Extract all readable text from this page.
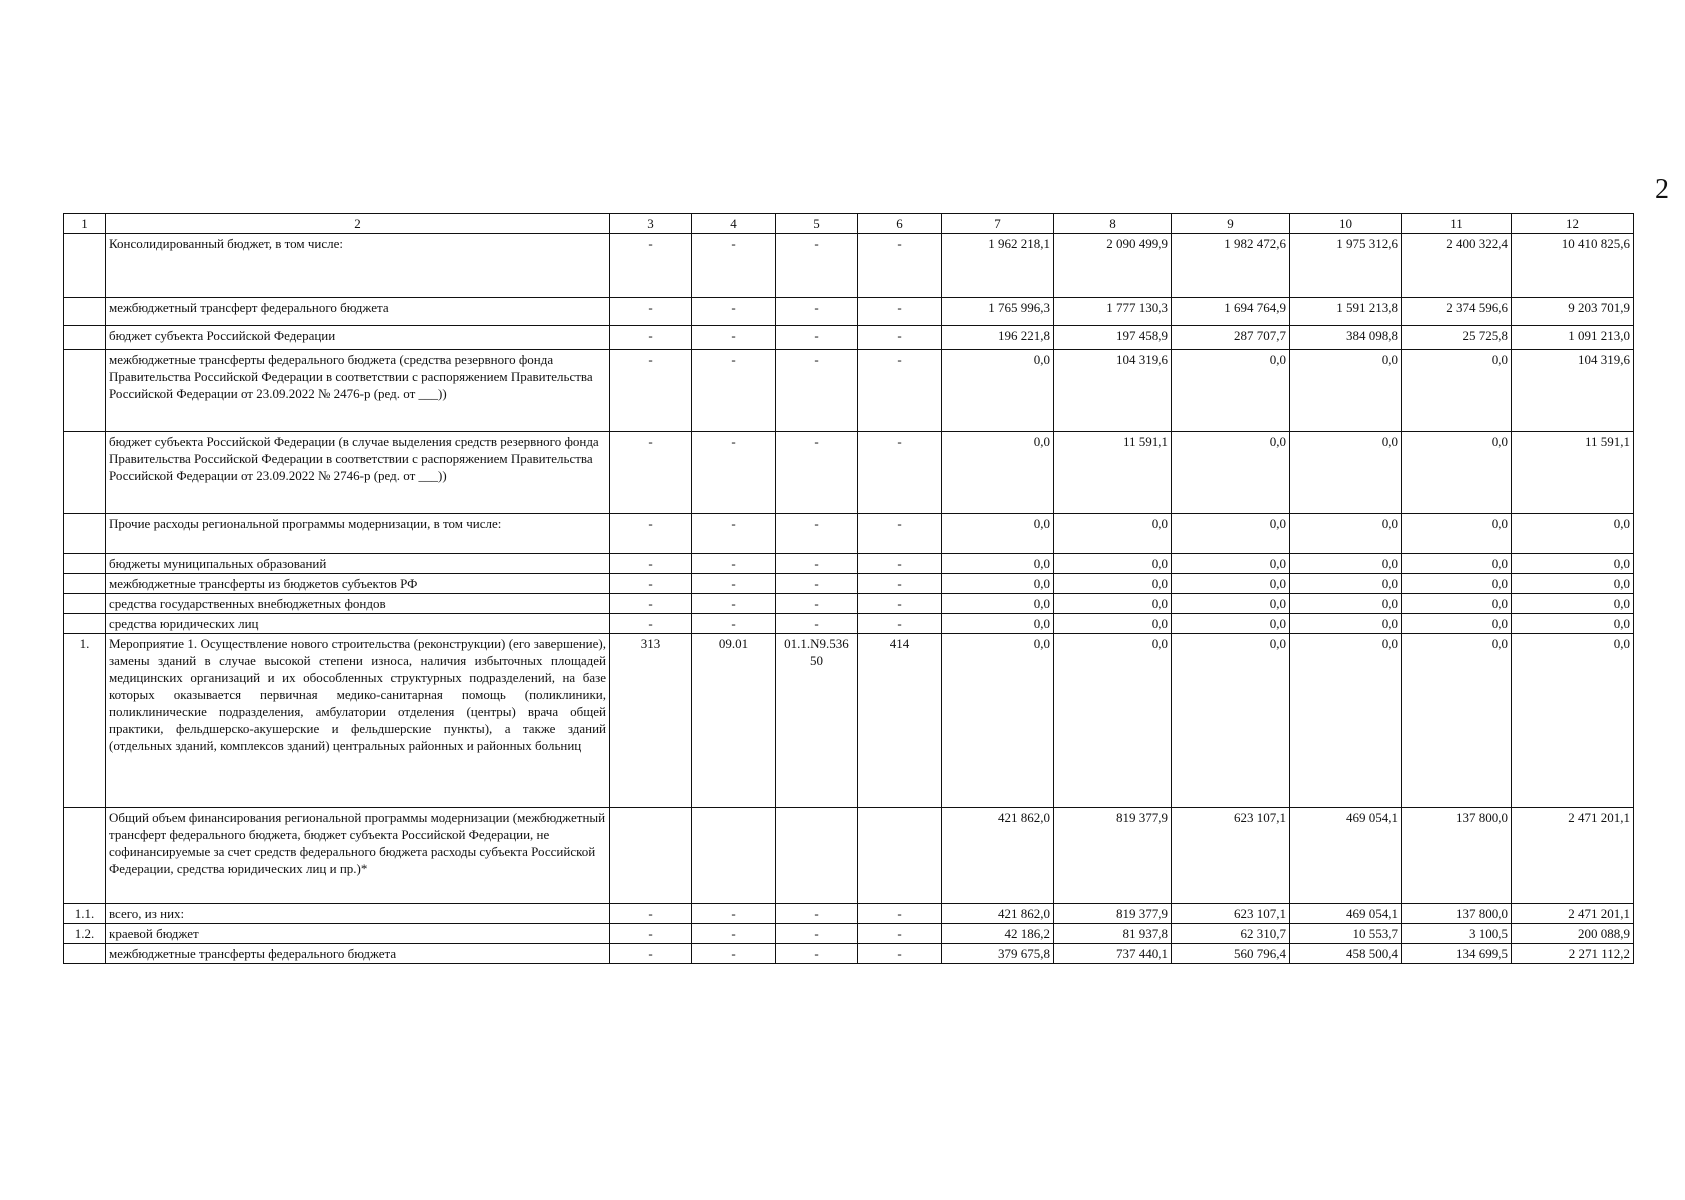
2
1	2	3	4	5	6	7	8	9	10	11	12
	Консолидированный бюджет, в том числе:	-	-	-	-	1 962 218,1	2 090 499,9	1 982 472,6	1 975 312,6	2 400 322,4	10 410 825,6
	межбюджетный трансферт федерального бюджета	-	-	-	-	1 765 996,3	1 777 130,3	1 694 764,9	1 591 213,8	2 374 596,6	9 203 701,9
	бюджет субъекта Российской Федерации	-	-	-	-	196 221,8	197 458,9	287 707,7	384 098,8	25 725,8	1 091 213,0
	межбюджетные трансферты федерального бюджета (средства резервного фонда Правительства Российской Федерации в соответствии с распоряжением Правительства Российской Федерации от 23.09.2022 № 2476-р (ред. от ___))	-	-	-	-	0,0	104 319,6	0,0	0,0	0,0	104 319,6
	бюджет субъекта Российской Федерации (в случае выделения средств резервного фонда Правительства Российской Федерации в соответствии с распоряжением Правительства Российской Федерации от 23.09.2022 № 2746-р (ред. от ___))	-	-	-	-	0,0	11 591,1	0,0	0,0	0,0	11 591,1
	Прочие расходы региональной программы модернизации, в том числе:	-	-	-	-	0,0	0,0	0,0	0,0	0,0	0,0
	бюджеты муниципальных образований	-	-	-	-	0,0	0,0	0,0	0,0	0,0	0,0
	межбюджетные трансферты из бюджетов субъектов РФ	-	-	-	-	0,0	0,0	0,0	0,0	0,0	0,0
	средства государственных внебюджетных фондов	-	-	-	-	0,0	0,0	0,0	0,0	0,0	0,0
	средства юридических лиц	-	-	-	-	0,0	0,0	0,0	0,0	0,0	0,0
1.	Мероприятие 1. Осуществление нового строительства (реконструкции) (его завершение), замены зданий в случае высокой степени износа, наличия избыточных площадей медицинских организаций и их обособленных структурных подразделений, на базе которых оказывается первичная медико-санитарная помощь (поликлиники, поликлинические подразделения, амбулатории отделения (центры) врача общей практики, фельдшерско-акушерские и фельдшерские пункты), а также зданий (отдельных зданий, комплексов зданий) центральных районных и районных больниц	313	09.01	01.1.N9.536 50	414	0,0	0,0	0,0	0,0	0,0	0,0
	Общий объем финансирования региональной программы модернизации (межбюджетный трансферт федерального бюджета, бюджет субъекта Российской Федерации, не софинансируемые за счет средств федерального бюджета расходы субъекта Российской Федерации, средства юридических лиц и пр.)*					421 862,0	819 377,9	623 107,1	469 054,1	137 800,0	2 471 201,1
1.1.	всего, из них:	-	-	-	-	421 862,0	819 377,9	623 107,1	469 054,1	137 800,0	2 471 201,1
1.2.	краевой бюджет	-	-	-	-	42 186,2	81 937,8	62 310,7	10 553,7	3 100,5	200 088,9
	межбюджетные трансферты федерального бюджета	-	-	-	-	379 675,8	737 440,1	560 796,4	458 500,4	134 699,5	2 271 112,2
